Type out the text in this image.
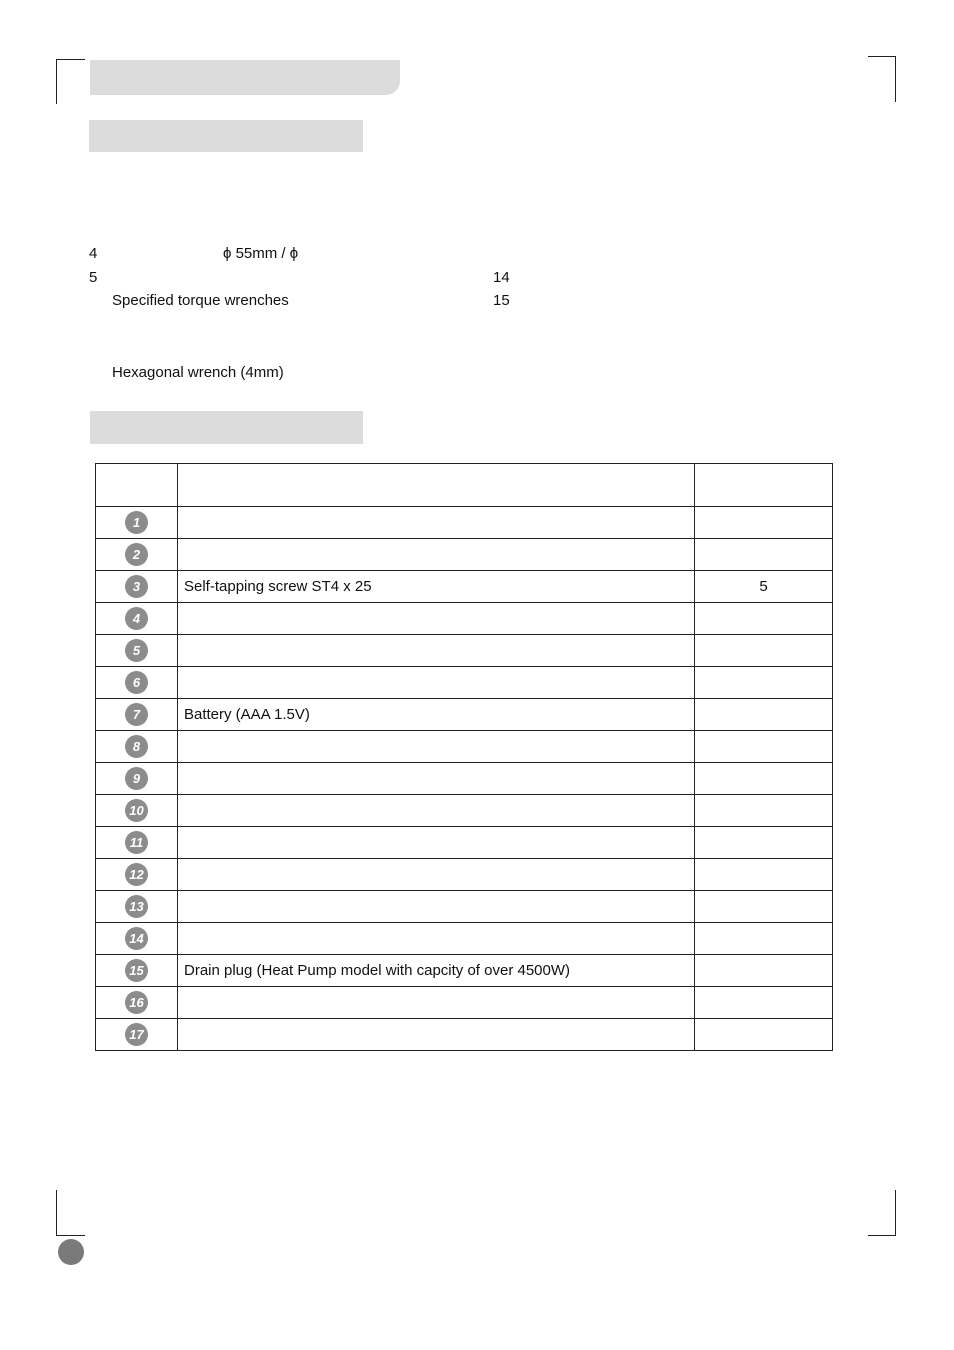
4	ϕ 55mm / ϕ
5	14
Specified torque wrenches	15
Hexagonal wrench (4mm)

1		
2		
3	Self-tapping screw ST4 x 25	5
4		
5		
6		
7	Battery (AAA 1.5V)	
8		
9		
10		
11		
12		
13		
14		
15	Drain plug (Heat Pump model with capcity of over 4500W)	
16		
17		
